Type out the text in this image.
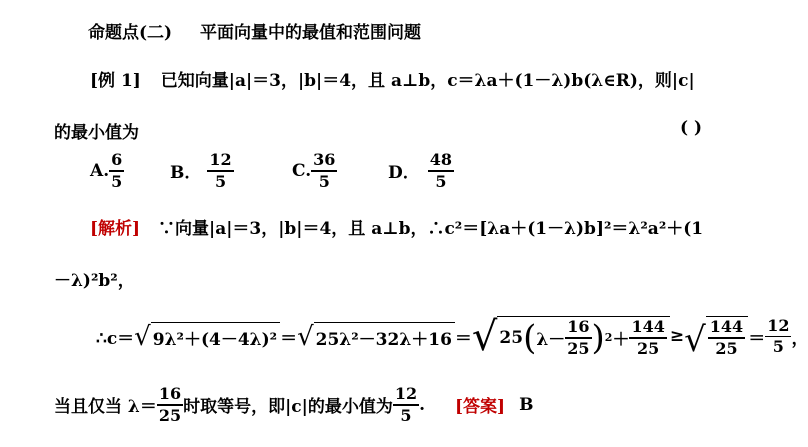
命题点(二) 平面向量中的最值和范围问题
[例 1] 已知向量|a|＝3，|b|＝4，且 a⊥b，c＝λa＋(1－λ)b(λ∈R)，则|c|
的最小值为	( )
A. $\frac{6}{5}$	B． $\frac{12}{5}$	C. $\frac{36}{5}$	D． $\frac{48}{5}$
[解析] ∵向量|a|＝3，|b|＝4，且 a⊥b，∴c²＝[λa＋(1－λ)b]²＝λ²a²＋(1
－λ)²b²，
∴c＝ √ 9λ²＋(4－4λ)² ＝ √ 25λ²－32λ＋16 ＝ √ 25 ( $\lambda- \frac{16}{25}$ ) $2 + \frac{144}{25}$ ≥ √ $\frac{144}{25} = \frac{12}{5}$ ，
当且仅当 $\lambda= \frac{16}{25}$ 时取等号，即|c|的最小值为 $\frac{12}{5}$ . [答案] B
